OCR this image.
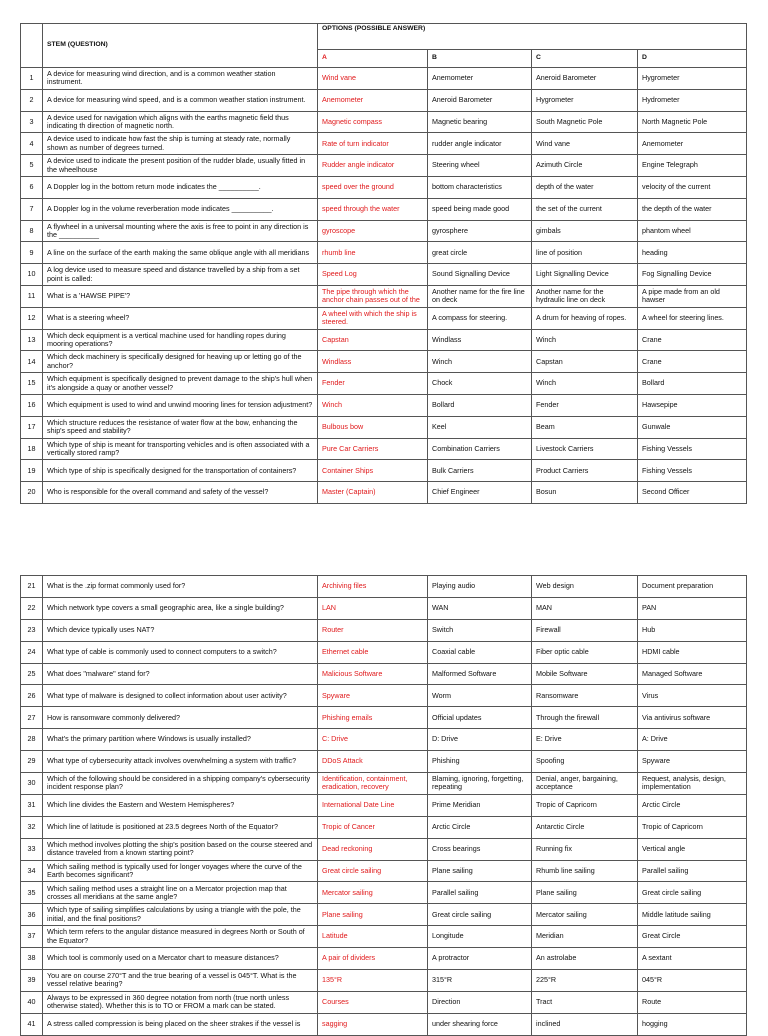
	STEM (QUESTION)	OPTIONS (POSSIBLE ANSWER)			
		A	B	C	D

1	A device for measuring wind direction, and is a common weather station instrument.	Wind vane	Anemometer	Aneroid Barometer	Hygrometer

2	A device for measuring wind speed, and is a common weather station instrument.	Anemometer	Aneroid Barometer	Hygrometer	Hydrometer

3	A device used for navigation which aligns with the earths magnetic field thus indicating th direction of magnetic north.	Magnetic compass	Magnetic bearing	South Magnetic Pole	North Magnetic Pole

4	A device used to indicate how fast the ship is turning at steady rate, normally shown as number of degrees turned.	Rate of turn indicator	rudder angle indicator	Wind vane	Anemometer

5	A device used to indicate the present position of the rudder blade, usually fitted in the wheelhouse	Rudder angle indicator	Steering wheel	Azimuth Circle	Engine Telegraph

6	A Doppler log in the bottom return mode indicates the __________.	speed over the ground	bottom characteristics	depth of the water	velocity of the current

7	A Doppler log in the volume reverberation mode indicates __________.	speed through the water	speed being made good	the set of the current	the depth of the water

8	A flywheel in a universal mounting where the axis is free to point in any direction is the __________	gyroscope	gyrosphere	gimbals	phantom wheel

9	A line on the surface of the earth making the same oblique angle with all meridians	rhumb line	great circle	line of position	heading

10	A log device used to measure speed and distance travelled by a ship from a set point is called:	Speed Log	Sound Signalling Device	Light Signalling Device	Fog Signalling Device

11	What is a 'HAWSE PIPE'?	The pipe through which the anchor chain passes out of the	Another name for the fire line on deck	Another name for the hydraulic line on deck	A pipe made from an old hawser

12	What is a steering wheel?	A wheel with which the ship is steered.	A compass for steering.	A drum for heaving of ropes.	A wheel for steering lines.

13	Which deck equipment is a vertical machine used for handling ropes during mooring operations?	Capstan	Windlass	Winch	Crane

14	Which deck machinery is specifically designed for heaving up or letting go of the anchor?	Windlass	Winch	Capstan	Crane

15	Which equipment is specifically designed to prevent damage to the ship's hull when it's alongside a quay or another vessel?	Fender	Chock	Winch	Bollard

16	Which equipment is used to wind and unwind mooring lines for tension adjustment?	Winch	Bollard	Fender	Hawsepipe

17	Which structure reduces the resistance of water flow at the bow, enhancing the ship's speed and stability?	Bulbous bow	Keel	Beam	Gunwale

18	Which type of ship is meant for transporting vehicles and is often associated with a vertically stored ramp?	Pure Car Carriers	Combination Carriers	Livestock Carriers	Fishing Vessels

19	Which type of ship is specifically designed for the transportation of containers?	Container Ships	Bulk Carriers	Product Carriers	Fishing Vessels

20	Who is responsible for the overall command and safety of the vessel?	Master (Captain)	Chief Engineer	Bosun	Second Officer
21	What is the .zip format commonly used for?	Archiving files	Playing audio	Web design	Document preparation

22	Which network type covers a small geographic area, like a single building?	LAN	WAN	MAN	PAN

23	Which device typically uses NAT?	Router	Switch	Firewall	Hub

24	What type of cable is commonly used to connect computers to a switch?	Ethernet cable	Coaxial cable	Fiber optic cable	HDMI cable

25	What does "malware" stand for?	Malicious Software	Malformed Software	Mobile Software	Managed Software

26	What type of malware is designed to collect information about user activity?	Spyware	Worm	Ransomware	Virus

27	How is ransomware commonly delivered?	Phishing emails	Official updates	Through the firewall	Via antivirus software

28	What's the primary partition where Windows is usually installed?	C: Drive	D: Drive	E: Drive	A: Drive

29	What type of cybersecurity attack involves overwhelming a system with traffic?	DDoS Attack	Phishing	Spoofing	Spyware

30	Which of the following should be considered in a shipping company's cybersecurity incident response plan?	Identification, containment, eradication, recovery	Blaming, ignoring, forgetting, repeating	Denial, anger, bargaining, acceptance	Request, analysis, design, implementation

31	Which line divides the Eastern and Western Hemispheres?	International Date Line	Prime Meridian	Tropic of Capricorn	Arctic Circle

32	Which line of latitude is positioned at 23.5 degrees North of the Equator?	Tropic of Cancer	Arctic Circle	Antarctic Circle	Tropic of Capricorn

33	Which method involves plotting the ship's position based on the course steered and distance traveled from a known starting point?	Dead reckoning	Cross bearings	Running fix	Vertical angle

34	Which sailing method is typically used for longer voyages where the curve of the Earth becomes significant?	Great circle sailing	Plane sailing	Rhumb line sailing	Parallel sailing

35	Which sailing method uses a straight line on a Mercator projection map that crosses all meridians at the same angle?	Mercator sailing	Parallel sailing	Plane sailing	Great circle sailing

36	Which type of sailing simplifies calculations by using a triangle with the pole, the initial, and the final positions?	Plane sailing	Great circle sailing	Mercator sailing	Middle latitude sailing

37	Which term refers to the angular distance measured in degrees North or South of the Equator?	Latitude	Longitude	Meridian	Great Circle

38	Which tool is commonly used on a Mercator chart to measure distances?	A pair of dividers	A protractor	An astrolabe	A sextant

39	You are on course 270°T and the true bearing of a vessel is 045°T. What is the vessel relative bearing?	135°R	315°R	225°R	045°R

40	Always to be expressed in 360 degree notation from north (true north unless otherwise stated). Whether this is to TO or FROM a mark can be stated.	Courses	Direction	Tract	Route

41	A stress called compression is being placed on the sheer strakes if the vessel is	sagging	under shearing force	inclined	hogging
